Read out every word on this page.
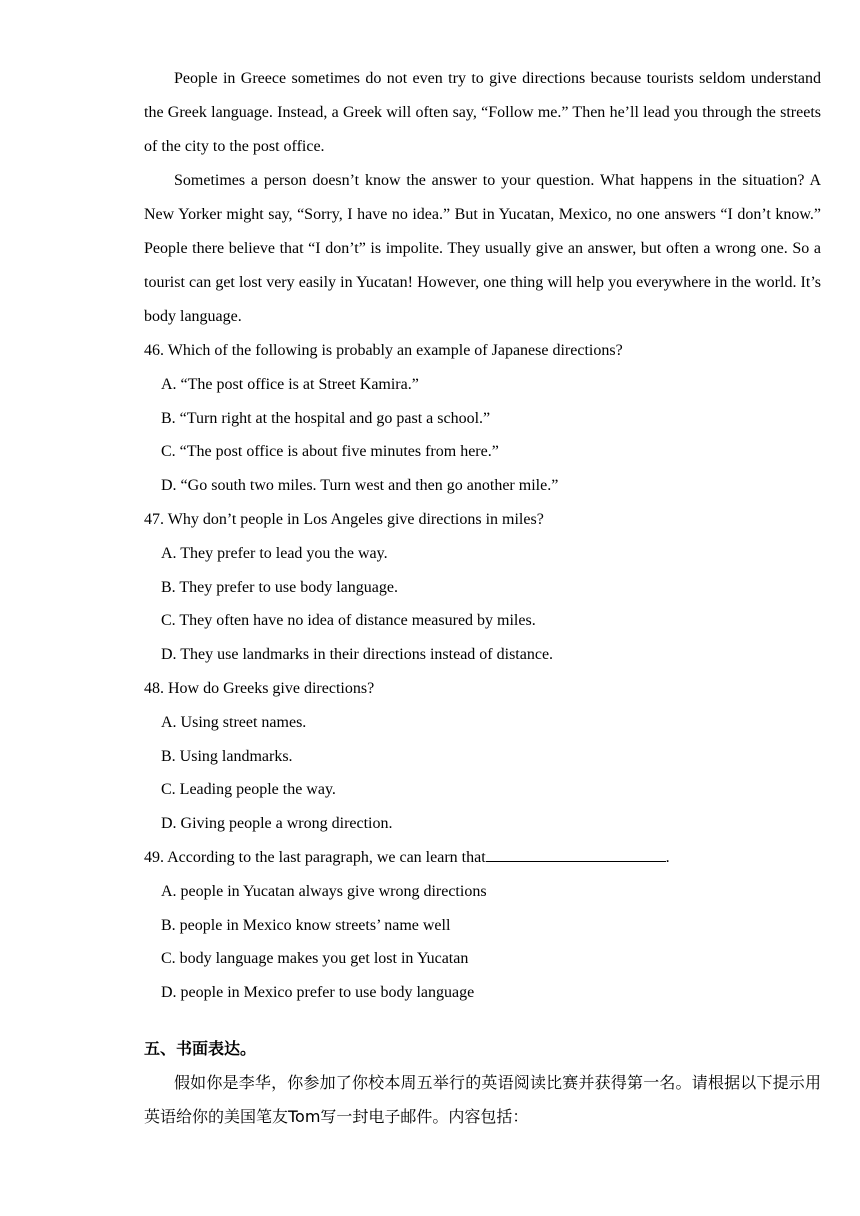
People in Greece sometimes do not even try to give directions because tourists seldom understand the Greek language. Instead, a Greek will often say, “Follow me.” Then he’ll lead you through the streets of the city to the post office.

Sometimes a person doesn’t know the answer to your question. What happens in the situation? A New Yorker might say, “Sorry, I have no idea.” But in Yucatan, Mexico, no one answers “I don’t know.” People there believe that “I don’t” is impolite. They usually give an answer, but often a wrong one. So a tourist can get lost very easily in Yucatan! However, one thing will help you everywhere in the world. It’s body language.

46. Which of the following is probably an example of Japanese directions?

A. “The post office is at Street Kamira.”

B. “Turn right at the hospital and go past a school.”

C. “The post office is about five minutes from here.”

D. “Go south two miles. Turn west and then go another mile.”

47. Why don’t people in Los Angeles give directions in miles?

A. They prefer to lead you the way.

B. They prefer to use body language.

C. They often have no idea of distance measured by miles.

D. They use landmarks in their directions instead of distance.

48. How do Greeks give directions?

A. Using street names.

B. Using landmarks.

C. Leading people the way.

D. Giving people a wrong direction.

49. According to the last paragraph, we can learn that	.

A. people in Yucatan always give wrong directions

B. people in Mexico know streets’ name well

C. body language makes you get lost in Yucatan

D. people in Mexico prefer to use body language

五、书面表达。

假如你是李华，你参加了你校本周五举行的英语阅读比赛并获得第一名。请根据以下提示用英语给你的美国笔友Tom写一封电子邮件。内容包括：
